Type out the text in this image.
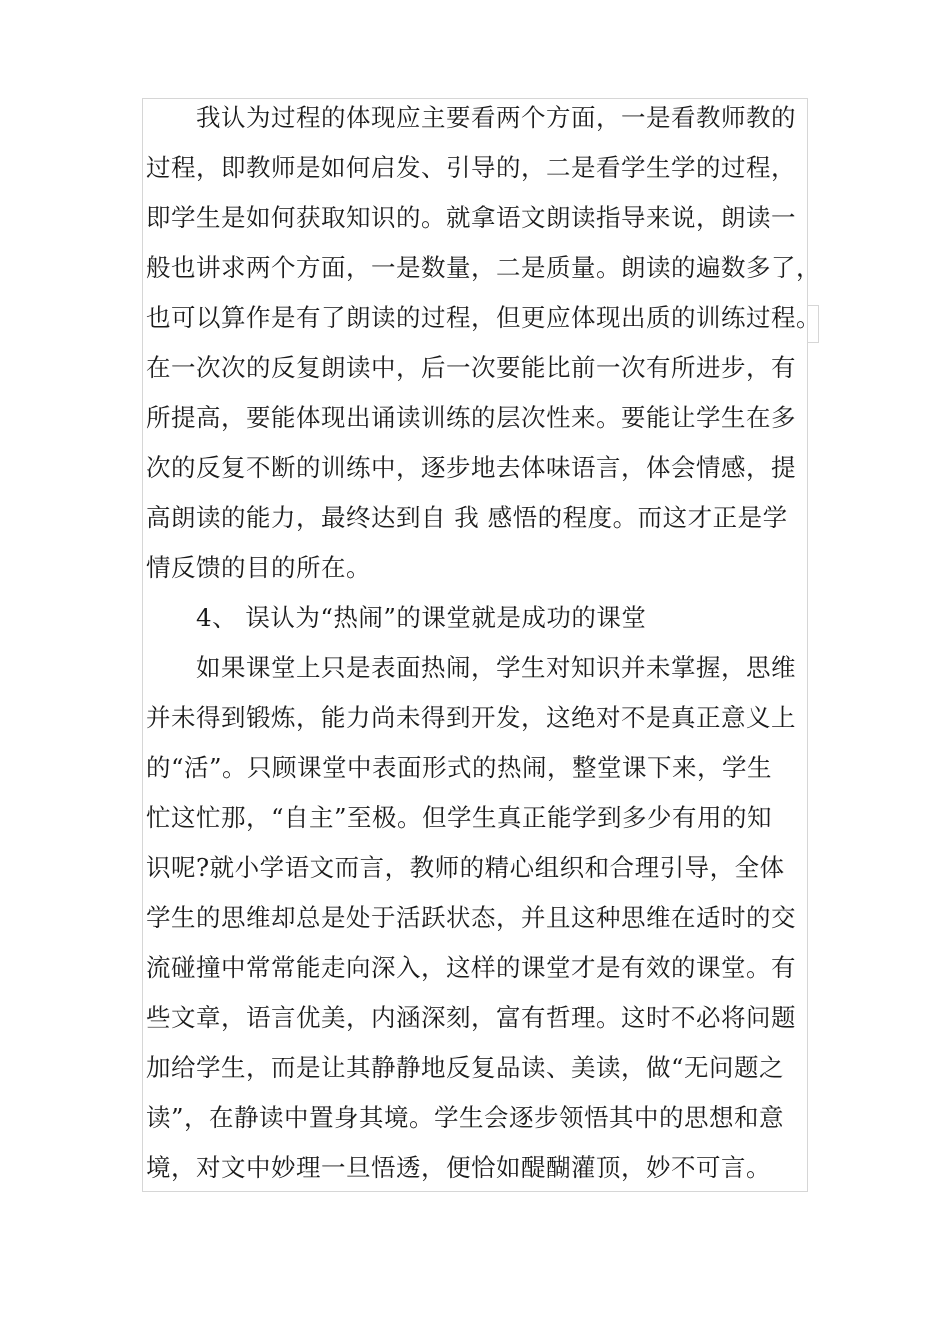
我认为过程的体现应主要看两个方面，一是看教师教的
过程，即教师是如何启发、引导的，二是看学生学的过程，
即学生是如何获取知识的。就拿语文朗读指导来说，朗读一
般也讲求两个方面，一是数量，二是质量。朗读的遍数多了，
也可以算作是有了朗读的过程，但更应体现出质的训练过程。
在一次次的反复朗读中，后一次要能比前一次有所进步，有
所提高，要能体现出诵读训练的层次性来。要能让学生在多
次的反复不断的训练中，逐步地去体味语言，体会情感，提
高朗读的能力，最终达到自 我 感悟的程度。而这才正是学
情反馈的目的所在。
4、 误认为“热闹”的课堂就是成功的课堂
如果课堂上只是表面热闹，学生对知识并未掌握，思维
并未得到锻炼，能力尚未得到开发，这绝对不是真正意义上
的“活”。只顾课堂中表面形式的热闹，整堂课下来，学生
忙这忙那，“自主”至极。但学生真正能学到多少有用的知
识呢?就小学语文而言，教师的精心组织和合理引导，全体
学生的思维却总是处于活跃状态，并且这种思维在适时的交
流碰撞中常常能走向深入，这样的课堂才是有效的课堂。有
些文章，语言优美，内涵深刻，富有哲理。这时不必将问题
加给学生，而是让其静静地反复品读、美读，做“无问题之
读”，在静读中置身其境。学生会逐步领悟其中的思想和意
境，对文中妙理一旦悟透，便恰如醍醐灌顶，妙不可言。
